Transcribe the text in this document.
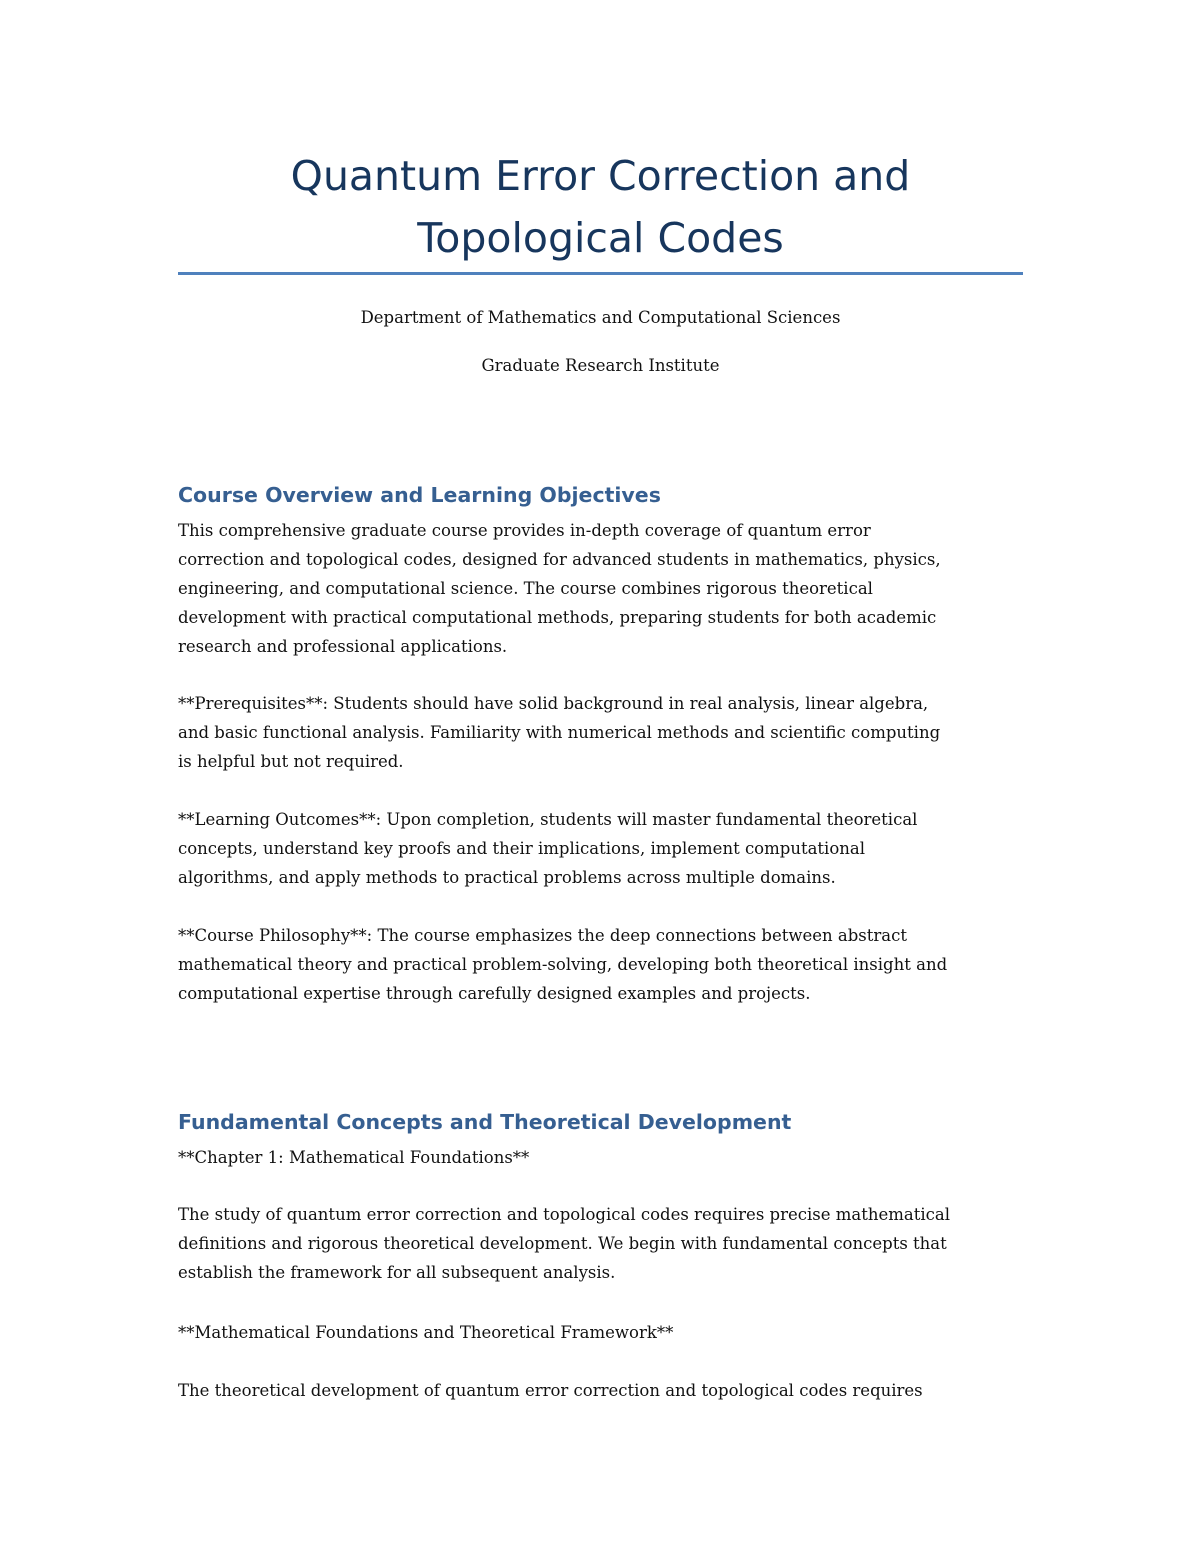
Quantum Error Correction and
Topological Codes

Department of Mathematics and Computational Sciences

Graduate Research Institute

Course Overview and Learning Objectives
This comprehensive graduate course provides in-depth coverage of quantum error
correction and topological codes, designed for advanced students in mathematics, physics,
engineering, and computational science. The course combines rigorous theoretical
development with practical computational methods, preparing students for both academic
research and professional applications.
**Prerequisites**: Students should have solid background in real analysis, linear algebra,
and basic functional analysis. Familiarity with numerical methods and scientific computing
is helpful but not required.
**Learning Outcomes**: Upon completion, students will master fundamental theoretical
concepts, understand key proofs and their implications, implement computational
algorithms, and apply methods to practical problems across multiple domains.
**Course Philosophy**: The course emphasizes the deep connections between abstract
mathematical theory and practical problem-solving, developing both theoretical insight and
computational expertise through carefully designed examples and projects.
Fundamental Concepts and Theoretical Development
**Chapter 1: Mathematical Foundations**
The study of quantum error correction and topological codes requires precise mathematical
definitions and rigorous theoretical development. We begin with fundamental concepts that
establish the framework for all subsequent analysis.
**Mathematical Foundations and Theoretical Framework**
The theoretical development of quantum error correction and topological codes requires
